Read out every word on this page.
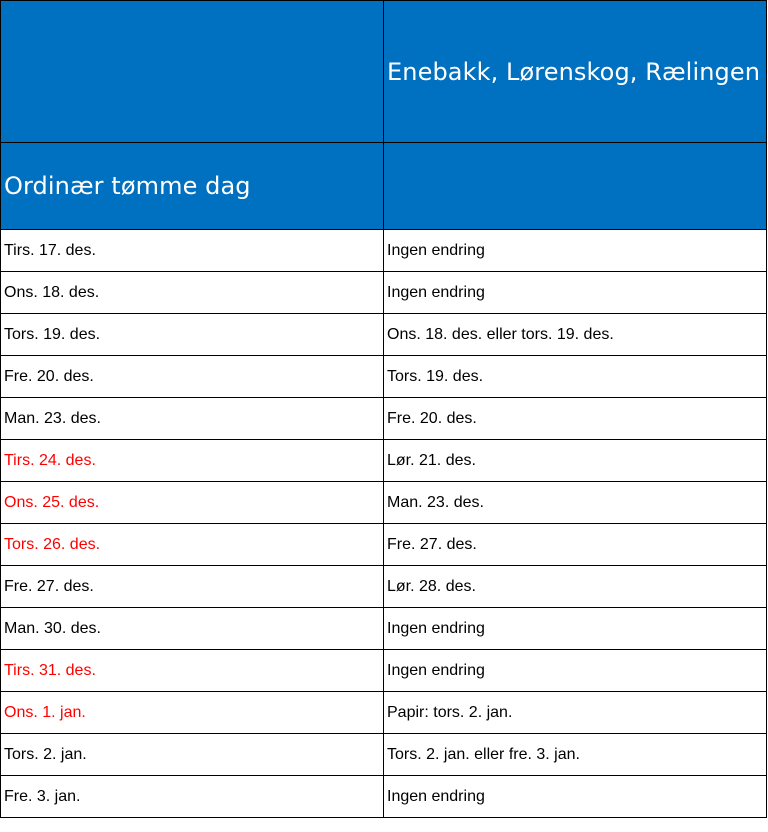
	Enebakk, Lørenskog, Rælingen
Ordinær tømme dag	
Tirs. 17. des.	Ingen endring
Ons. 18. des.	Ingen endring
Tors. 19. des.	Ons. 18. des. eller tors. 19. des.
Fre. 20. des.	Tors. 19. des.
Man. 23. des.	Fre. 20. des.
Tirs. 24. des.	Lør. 21. des.
Ons. 25. des.	Man. 23. des.
Tors. 26. des.	Fre. 27. des.
Fre. 27. des.	Lør. 28. des.
Man. 30. des.	Ingen endring
Tirs. 31. des.	Ingen endring
Ons. 1. jan.	Papir: tors. 2. jan.
Tors. 2. jan.	Tors. 2. jan. eller fre. 3. jan.
Fre. 3. jan.	Ingen endring
